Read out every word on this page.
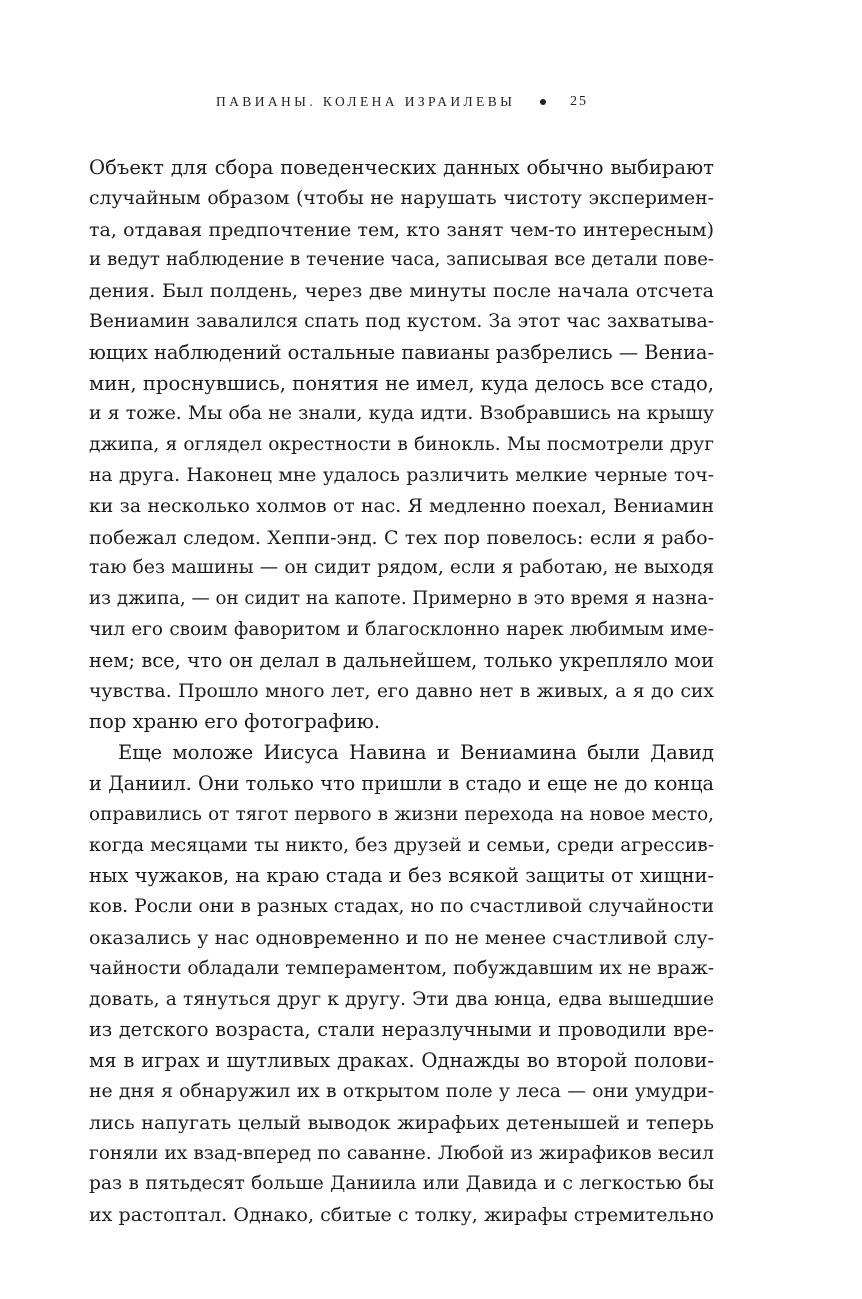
ПАВИАНЫ. КОЛЕНА ИЗРАИЛЕВЫ	25
Объект для сбора поведенческих данных обычно выбирают
случайным образом (чтобы не нарушать чистоту эксперимен-
та, отдавая предпочтение тем, кто занят чем-то интересным)
и ведут наблюдение в течение часа, записывая все детали пове-
дения. Был полдень, через две минуты после начала отсчета
Вениамин завалился спать под кустом. За этот час захватыва-
ющих наблюдений остальные павианы разбрелись — Вениа-
мин, проснувшись, понятия не имел, куда делось все стадо,
и я тоже. Мы оба не знали, куда идти. Взобравшись на крышу
джипа, я оглядел окрестности в бинокль. Мы посмотрели друг
на друга. Наконец мне удалось различить мелкие черные точ-
ки за несколько холмов от нас. Я медленно поехал, Вениамин
побежал следом. Хеппи-энд. С тех пор повелось: если я рабо-
таю без машины — он сидит рядом, если я работаю, не выходя
из джипа, — он сидит на капоте. Примерно в это время я назна-
чил его своим фаворитом и благосклонно нарек любимым име-
нем; все, что он делал в дальнейшем, только укрепляло мои
чувства. Прошло много лет, его давно нет в живых, а я до сих
пор храню его фотографию.
Еще моложе Иисуса Навина и Вениамина были Давид
и Даниил. Они только что пришли в стадо и еще не до конца
оправились от тягот первого в жизни перехода на новое место,
когда месяцами ты никто, без друзей и семьи, среди агрессив-
ных чужаков, на краю стада и без всякой защиты от хищни-
ков. Росли они в разных стадах, но по счастливой случайности
оказались у нас одновременно и по не менее счастливой слу-
чайности обладали темпераментом, побуждавшим их не враж-
довать, а тянуться друг к другу. Эти два юнца, едва вышедшие
из детского возраста, стали неразлучными и проводили вре-
мя в играх и шутливых драках. Однажды во второй полови-
не дня я обнаружил их в открытом поле у леса — они умудри-
лись напугать целый выводок жирафьих детенышей и теперь
гоняли их взад-вперед по саванне. Любой из жирафиков весил
раз в пятьдесят больше Даниила или Давида и с легкостью бы
их растоптал. Однако, сбитые с толку, жирафы стремительно
